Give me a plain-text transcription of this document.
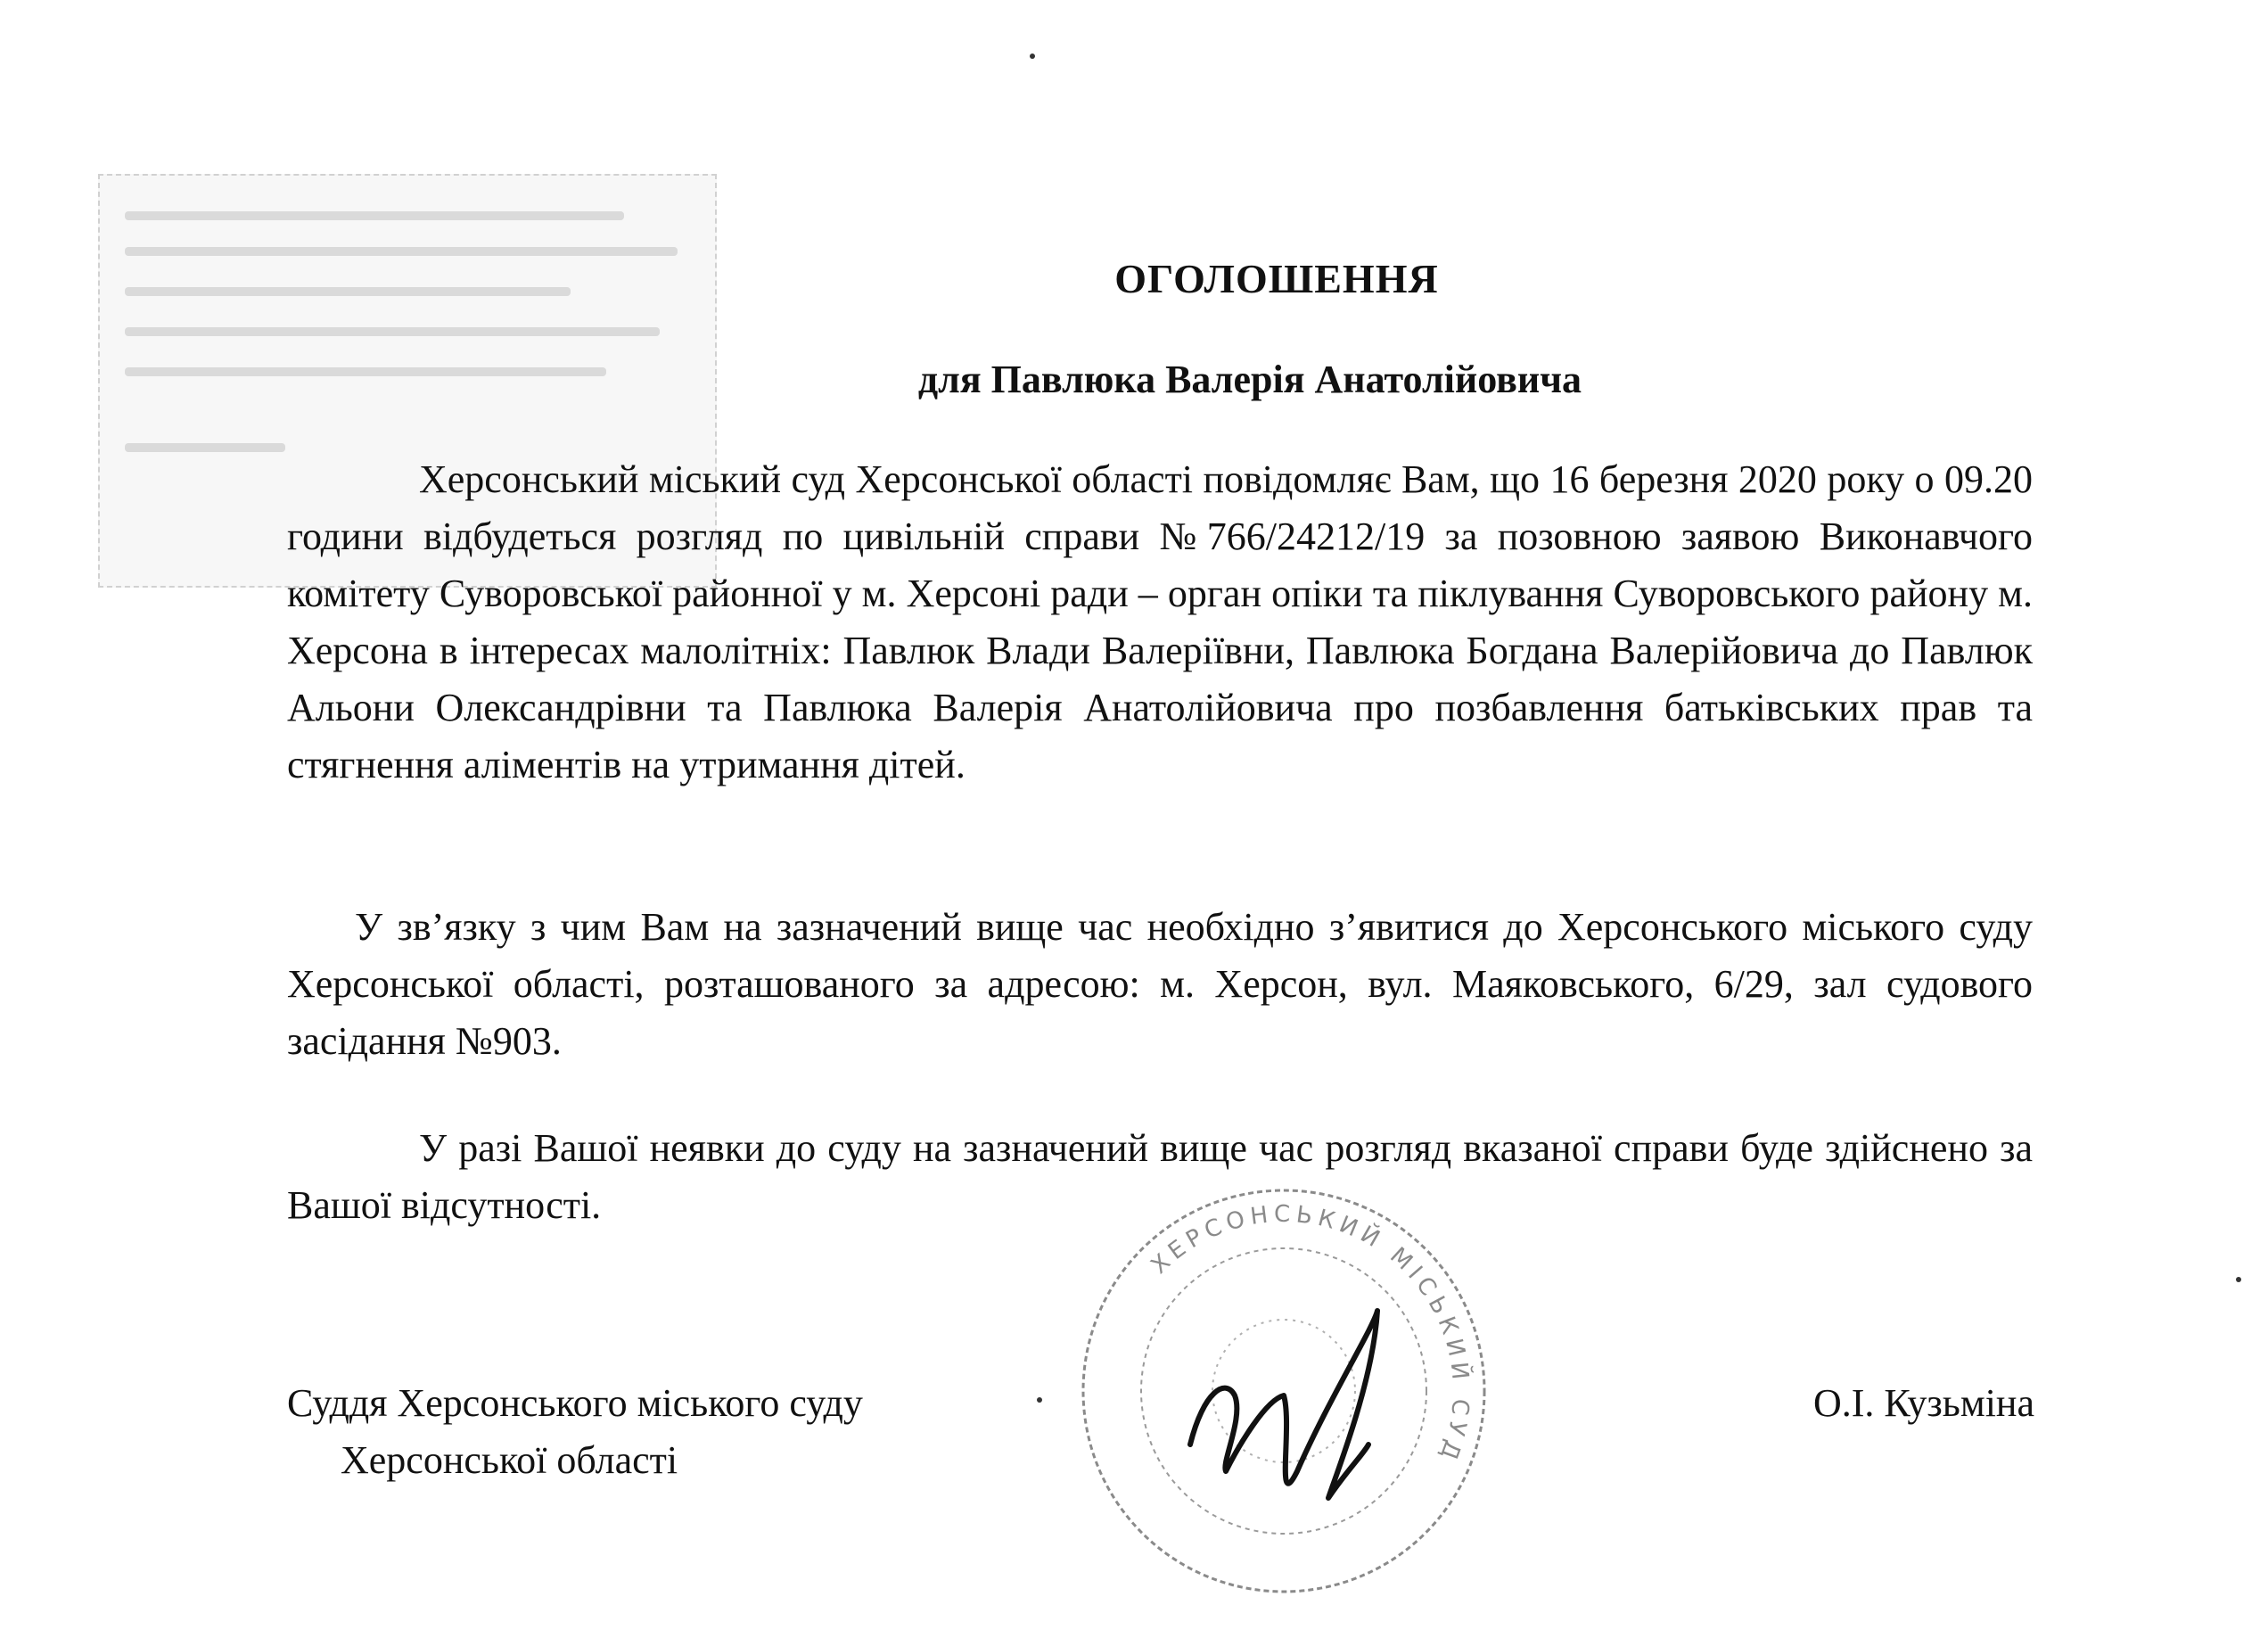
ОГОЛОШЕННЯ
для Павлюка Валерія Анатолійовича
Херсонський міський суд Херсонської області повідомляє Вам, що 16 березня 2020 року о 09.20 години відбудеться розгляд по цивільній справи №766/24212/19 за позовною заявою Виконавчого комітету Суворовської районної у м. Херсоні ради – орган опіки та піклування Суворовського району м. Херсона в інтересах малолітніх: Павлюк Влади Валеріївни, Павлюка Богдана Валерійовича до Павлюк Альони Олександрівни та Павлюка Валерія Анатолійовича про позбавлення батьківських прав та стягнення аліментів на утримання дітей.
У зв’язку з чим Вам на зазначений вище час необхідно з’явитися до Херсонського міського суду Херсонської області, розташованого за адресою: м. Херсон, вул. Маяковського, 6/29, зал судового засідання №903.
У разі Вашої неявки до суду на зазначений вище час розгляд вказаної справи буде здійснено за Вашої відсутності.
Суддя Херсонського міського суду
Херсонської області
О.І. Кузьміна
ХЕРСОНСЬКИЙ МІСЬКИЙ СУД
